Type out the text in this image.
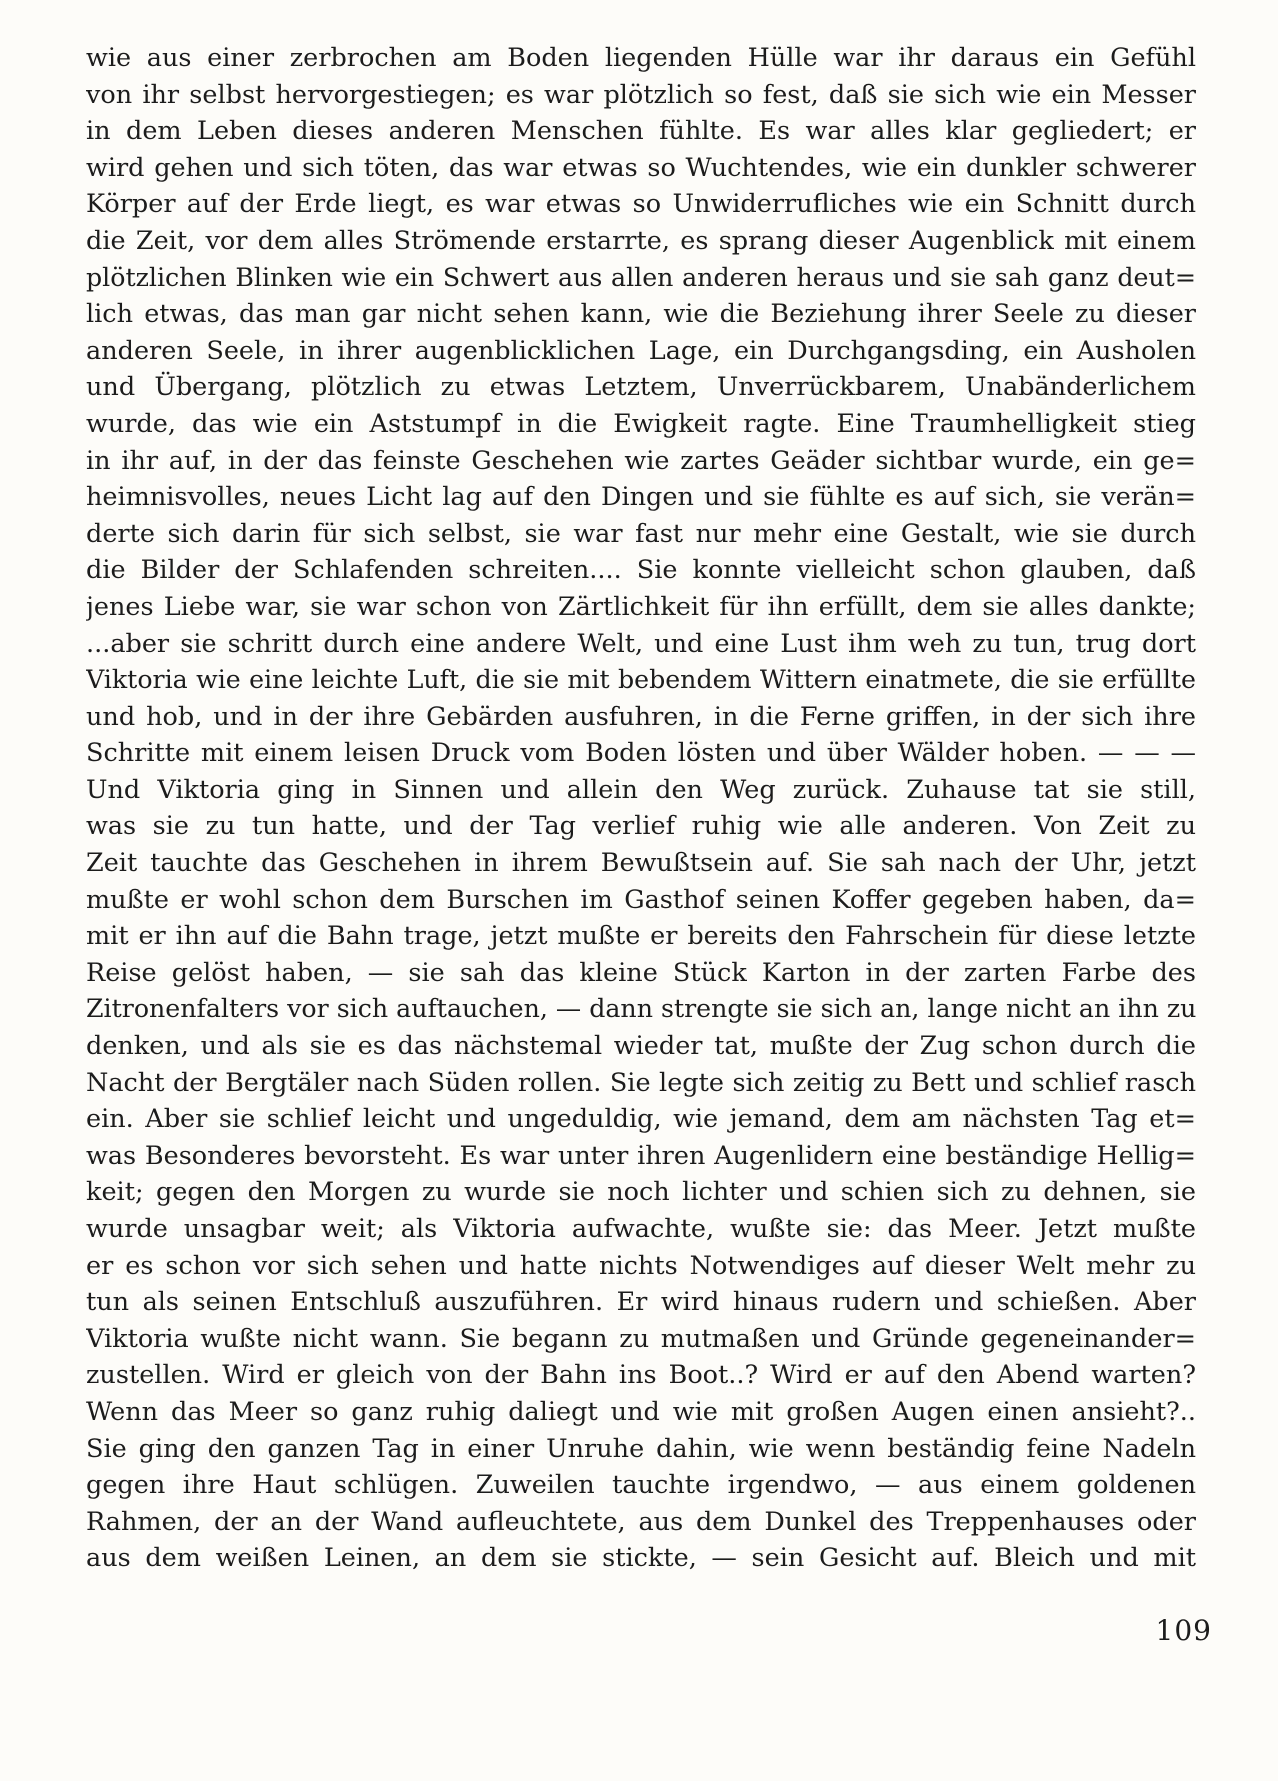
wie aus einer zerbrochen am Boden liegenden Hülle war ihr daraus ein Gefühl
von ihr selbst hervorgestiegen; es war plötzlich so fest, daß sie sich wie ein Messer
in dem Leben dieses anderen Menschen fühlte. Es war alles klar gegliedert; er
wird gehen und sich töten, das war etwas so Wuchtendes, wie ein dunkler schwerer
Körper auf der Erde liegt, es war etwas so Unwiderrufliches wie ein Schnitt durch
die Zeit, vor dem alles Strömende erstarrte, es sprang dieser Augenblick mit einem
plötzlichen Blinken wie ein Schwert aus allen anderen heraus und sie sah ganz deut=
lich etwas, das man gar nicht sehen kann, wie die Beziehung ihrer Seele zu dieser
anderen Seele, in ihrer augenblicklichen Lage, ein Durchgangsding, ein Ausholen
und Übergang, plötzlich zu etwas Letztem, Unverrückbarem, Unabänderlichem
wurde, das wie ein Aststumpf in die Ewigkeit ragte. Eine Traumhelligkeit stieg
in ihr auf, in der das feinste Geschehen wie zartes Geäder sichtbar wurde, ein ge=
heimnisvolles, neues Licht lag auf den Dingen und sie fühlte es auf sich, sie verän=
derte sich darin für sich selbst, sie war fast nur mehr eine Gestalt, wie sie durch
die Bilder der Schlafenden schreiten.... Sie konnte vielleicht schon glauben, daß
jenes Liebe war, sie war schon von Zärtlichkeit für ihn erfüllt, dem sie alles dankte;
...aber sie schritt durch eine andere Welt, und eine Lust ihm weh zu tun, trug dort
Viktoria wie eine leichte Luft, die sie mit bebendem Wittern einatmete, die sie erfüllte
und hob, und in der ihre Gebärden ausfuhren, in die Ferne griffen, in der sich ihre
Schritte mit einem leisen Druck vom Boden lösten und über Wälder hoben. — — —
Und Viktoria ging in Sinnen und allein den Weg zurück. Zuhause tat sie still,
was sie zu tun hatte, und der Tag verlief ruhig wie alle anderen. Von Zeit zu
Zeit tauchte das Geschehen in ihrem Bewußtsein auf. Sie sah nach der Uhr, jetzt
mußte er wohl schon dem Burschen im Gasthof seinen Koffer gegeben haben, da=
mit er ihn auf die Bahn trage, jetzt mußte er bereits den Fahrschein für diese letzte
Reise gelöst haben, — sie sah das kleine Stück Karton in der zarten Farbe des
Zitronenfalters vor sich auftauchen, — dann strengte sie sich an, lange nicht an ihn zu
denken, und als sie es das nächstemal wieder tat, mußte der Zug schon durch die
Nacht der Bergtäler nach Süden rollen. Sie legte sich zeitig zu Bett und schlief rasch
ein. Aber sie schlief leicht und ungeduldig, wie jemand, dem am nächsten Tag et=
was Besonderes bevorsteht. Es war unter ihren Augenlidern eine beständige Hellig=
keit; gegen den Morgen zu wurde sie noch lichter und schien sich zu dehnen, sie
wurde unsagbar weit; als Viktoria aufwachte, wußte sie: das Meer. Jetzt mußte
er es schon vor sich sehen und hatte nichts Notwendiges auf dieser Welt mehr zu
tun als seinen Entschluß auszuführen. Er wird hinaus rudern und schießen. Aber
Viktoria wußte nicht wann. Sie begann zu mutmaßen und Gründe gegeneinander=
zustellen. Wird er gleich von der Bahn ins Boot..? Wird er auf den Abend warten?
Wenn das Meer so ganz ruhig daliegt und wie mit großen Augen einen ansieht?..
Sie ging den ganzen Tag in einer Unruhe dahin, wie wenn beständig feine Nadeln
gegen ihre Haut schlügen. Zuweilen tauchte irgendwo, — aus einem goldenen
Rahmen, der an der Wand aufleuchtete, aus dem Dunkel des Treppenhauses oder
aus dem weißen Leinen, an dem sie stickte, — sein Gesicht auf. Bleich und mit
109
